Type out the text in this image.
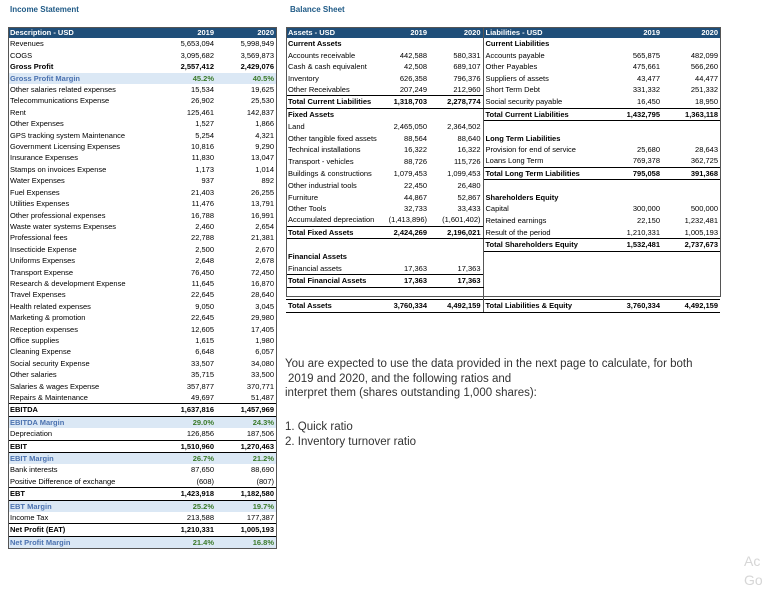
Income Statement	Balance Sheet
Description - USD	2019	2020
Revenues	5,653,094	5,998,949
COGS	3,095,682	3,569,873
Gross Profit	2,557,412	2,429,076
Gross Profit Margin	45.2%	40.5%
Other salaries related expenses	15,534	19,625
Telecommunications Expense	26,902	25,530
Rent	125,461	142,837
Other Expenses	1,527	1,866
GPS tracking system Maintenance	5,254	4,321
Government Licensing Expenses	10,816	9,290
Insurance Expenses	11,830	13,047
Stamps on invoices Expense	1,173	1,014
Water Expenses	937	892
Fuel Expenses	21,403	26,255
Utilities Expenses	11,476	13,791
Other professional expenses	16,788	16,991
Waste water systems Expenses	2,460	2,654
Professional fees	22,788	21,381
Insecticide Expense	2,500	2,670
Uniforms Expenses	2,648	2,678
Transport Expense	76,450	72,450
Research & development Expense	11,645	16,870
Travel Expenses	22,645	28,640
Health related expenses	9,050	3,045
Marketing & promotion	22,645	29,980
Reception expenses	12,605	17,405
Office supplies	1,615	1,980
Cleaning Expense	6,648	6,057
Social security Expense	33,507	34,080
Other salaries	35,715	33,500
Salaries & wages Expense	357,877	370,771
Repairs & Maintenance	49,697	51,487
EBITDA	1,637,816	1,457,969
EBITDA Margin	29.0%	24.3%
Depreciation	126,856	187,506
EBIT	1,510,960	1,270,463
EBIT Margin	26.7%	21.2%
Bank interests	87,650	88,690
Positive Difference of exchange	(608)	(807)
EBT	1,423,918	1,182,580
EBT Margin	25.2%	19.7%
Income Tax	213,588	177,387
Net Profit (EAT)	1,210,331	1,005,193
Net Profit Margin	21.4%	16.8%
Assets - USD	2019	2020	Liabilities - USD	2019	2020
Current Assets			Current Liabilities		
Accounts receivable	442,588	580,331	Accounts payable	565,875	482,099
Cash & cash equivalent	42,508	689,107	Other Payables	475,661	566,260
Inventory	626,358	796,376	Suppliers of assets	43,477	44,477
Other Receivables	207,249	212,960	Short Term Debt	331,332	251,332
Total Current Liabilities	1,318,703	2,278,774	Social security payable	16,450	18,950
Fixed Assets			Total Current Liabilities	1,432,795	1,363,118
Land	2,465,050	2,364,502			
Other tangible fixed assets	88,564	88,640	Long Term Liabilities		
Technical installations	16,322	16,322	Provision for end of service	25,680	28,643
Transport - vehicles	88,726	115,726	Loans Long Term	769,378	362,725
Buildings & constructions	1,079,453	1,099,453	Total Long Term Liabilities	795,058	391,368
Other industrial tools	22,450	26,480			
Furniture	44,867	52,867	Shareholders Equity		
Other Tools	32,733	33,433	Capital	300,000	500,000
Accumulated depreciation	(1,413,896)	(1,601,402)	Retained earnings	22,150	1,232,481
Total Fixed Assets	2,424,269	2,196,021	Result of the period	1,210,331	1,005,193
			Total Shareholders Equity	1,532,481	2,737,673
Financial Assets					
Financial assets	17,363	17,363			
Total Financial Assets	17,363	17,363			

Total Assets	3,760,334	4,492,159	Total Liabilities & Equity	3,760,334	4,492,159
You are expected to use the data provided in the next page to calculate, for both
2019 and 2020, and the following ratios and
interpret them (shares outstanding 1,000 shares):
1. Quick ratio
2. Inventory turnover ratio
Ac
Go
